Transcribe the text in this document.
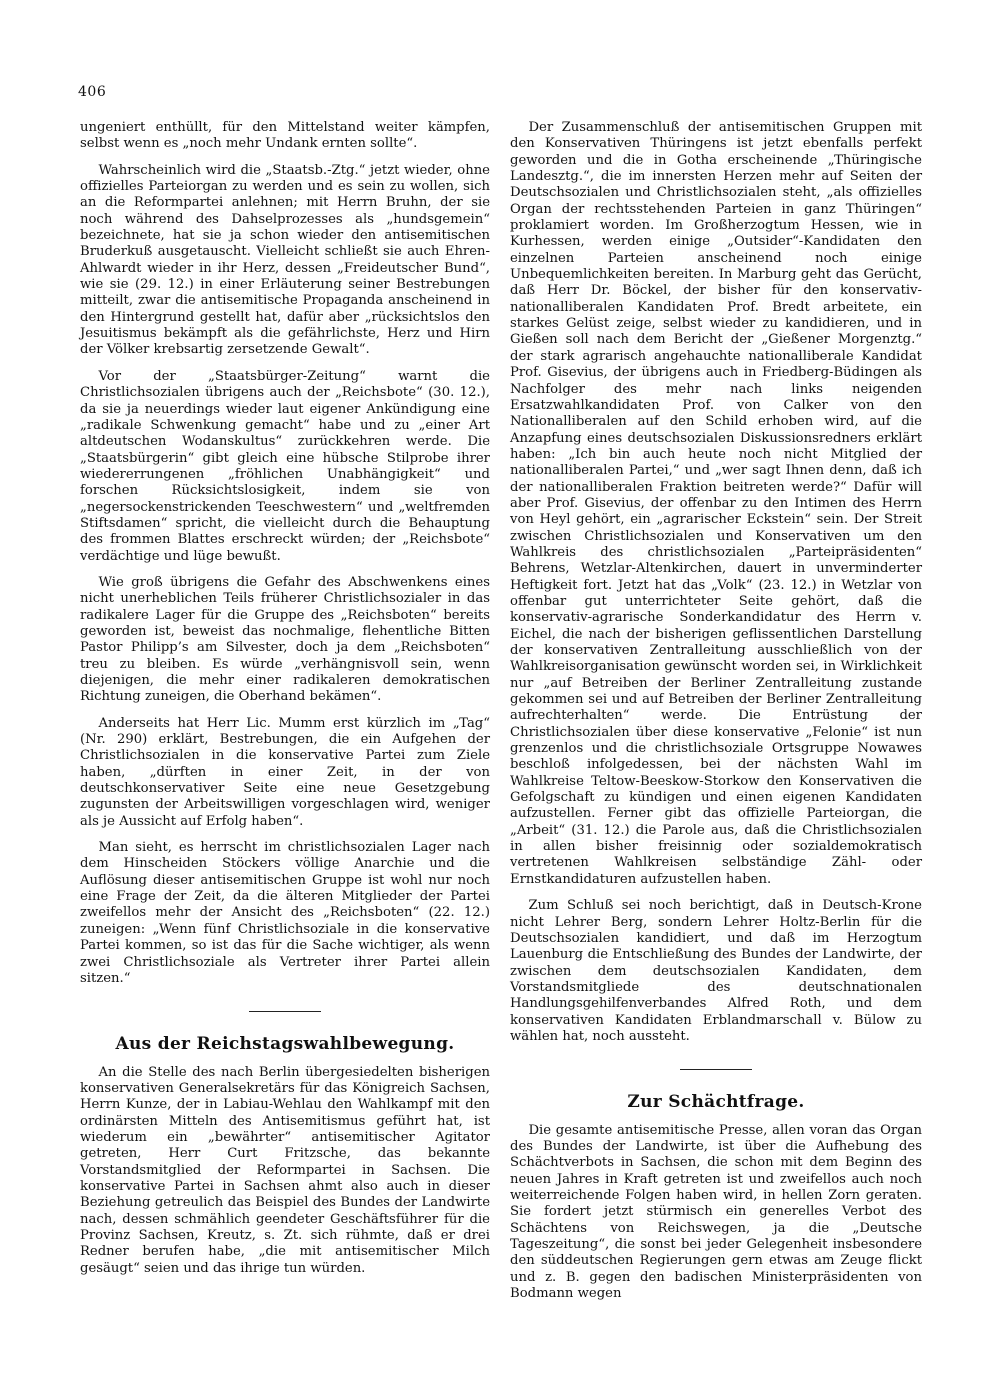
406

ungeniert enthüllt, für den Mittelstand weiter kämpfen, selbst wenn es „noch mehr Undank ernten sollte“.

Wahrscheinlich wird die „Staatsb.-Ztg.“ jetzt wieder, ohne offizielles Parteiorgan zu werden und es sein zu wollen, sich an die Reformpartei anlehnen; mit Herrn Bruhn, der sie noch während des Dahselprozesses als „hundsgemein“ bezeichnete, hat sie ja schon wieder den antisemitischen Bruderkuß ausgetauscht. Vielleicht schließt sie auch Ehren-Ahlwardt wieder in ihr Herz, dessen „Freideutscher Bund“, wie sie (29. 12.) in einer Erläuterung seiner Bestrebungen mitteilt, zwar die antisemitische Propaganda anscheinend in den Hintergrund gestellt hat, dafür aber „rücksichtslos den Jesuitismus bekämpft als die gefährlichste, Herz und Hirn der Völker krebsartig zersetzende Gewalt“.

Vor der „Staatsbürger-Zeitung“ warnt die Christlichsozialen übrigens auch der „Reichsbote“ (30. 12.), da sie ja neuerdings wieder laut eigener Ankündigung eine „radikale Schwenkung gemacht“ habe und zu „einer Art altdeutschen Wodanskultus“ zurückkehren werde. Die „Staatsbürgerin“ gibt gleich eine hübsche Stilprobe ihrer wiedererrungenen „fröhlichen Unabhängigkeit“ und forschen Rücksichtslosigkeit, indem sie von „negersockenstrickenden Teeschwestern“ und „weltfremden Stiftsdamen“ spricht, die vielleicht durch die Behauptung des frommen Blattes erschreckt würden; der „Reichsbote“ verdächtige und lüge bewußt.

Wie groß übrigens die Gefahr des Abschwenkens eines nicht unerheblichen Teils früherer Christlichsozialer in das radikalere Lager für die Gruppe des „Reichsboten“ bereits geworden ist, beweist das nochmalige, flehentliche Bitten Pastor Philipp’s am Silvester, doch ja dem „Reichsboten“ treu zu bleiben. Es würde „verhängnisvoll sein, wenn diejenigen, die mehr einer radikaleren demokratischen Richtung zuneigen, die Oberhand bekämen“.

Anderseits hat Herr Lic. Mumm erst kürzlich im „Tag“ (Nr. 290) erklärt, Bestrebungen, die ein Aufgehen der Christlichsozialen in die konservative Partei zum Ziele haben, „dürften in einer Zeit, in der von deutschkonservativer Seite eine neue Gesetzgebung zugunsten der Arbeitswilligen vorgeschlagen wird, weniger als je Aussicht auf Erfolg haben“.

Man sieht, es herrscht im christlichsozialen Lager nach dem Hinscheiden Stöckers völlige Anarchie und die Auflösung dieser antisemitischen Gruppe ist wohl nur noch eine Frage der Zeit, da die älteren Mitglieder der Partei zweifellos mehr der Ansicht des „Reichsboten“ (22. 12.) zuneigen: „Wenn fünf Christlichsoziale in die konservative Partei kommen, so ist das für die Sache wichtiger, als wenn zwei Christlichsoziale als Vertreter ihrer Partei allein sitzen.“

Aus der Reichstagswahlbewegung.

An die Stelle des nach Berlin übergesiedelten bisherigen konservativen Generalsekretärs für das Königreich Sachsen, Herrn Kunze, der in Labiau-Wehlau den Wahlkampf mit den ordinärsten Mitteln des Antisemitismus geführt hat, ist wiederum ein „bewährter“ antisemitischer Agitator getreten, Herr Curt Fritzsche, das bekannte Vorstandsmitglied der Reformpartei in Sachsen. Die konservative Partei in Sachsen ahmt also auch in dieser Beziehung getreulich das Beispiel des Bundes der Landwirte nach, dessen schmählich geendeter Geschäftsführer für die Provinz Sachsen, Kreutz, s. Zt. sich rühmte, daß er drei Redner berufen habe, „die mit antisemitischer Milch gesäugt“ seien und das ihrige tun würden.

Der Zusammenschluß der antisemitischen Gruppen mit den Konservativen Thüringens ist jetzt ebenfalls perfekt geworden und die in Gotha erscheinende „Thüringische Landesztg.“, die im innersten Herzen mehr auf Seiten der Deutschsozialen und Christlichsozialen steht, „als offizielles Organ der rechtsstehenden Parteien in ganz Thüringen“ proklamiert worden. Im Großherzogtum Hessen, wie in Kurhessen, werden einige „Outsider“-Kandidaten den einzelnen Parteien anscheinend noch einige Unbequemlichkeiten bereiten. In Marburg geht das Gerücht, daß Herr Dr. Böckel, der bisher für den konservativ-nationalliberalen Kandidaten Prof. Bredt arbeitete, ein starkes Gelüst zeige, selbst wieder zu kandidieren, und in Gießen soll nach dem Bericht der „Gießener Morgenztg.“ der stark agrarisch angehauchte nationalliberale Kandidat Prof. Gisevius, der übrigens auch in Friedberg-Büdingen als Nachfolger des mehr nach links neigenden Ersatzwahlkandidaten Prof. von Calker von den Nationalliberalen auf den Schild erhoben wird, auf die Anzapfung eines deutschsozialen Diskussionsredners erklärt haben: „Ich bin auch heute noch nicht Mitglied der nationalliberalen Partei,“ und „wer sagt Ihnen denn, daß ich der nationalliberalen Fraktion beitreten werde?“ Dafür will aber Prof. Gisevius, der offenbar zu den Intimen des Herrn von Heyl gehört, ein „agrarischer Eckstein“ sein. Der Streit zwischen Christlichsozialen und Konservativen um den Wahlkreis des christlichsozialen „Parteipräsidenten“ Behrens, Wetzlar-Altenkirchen, dauert in unverminderter Heftigkeit fort. Jetzt hat das „Volk“ (23. 12.) in Wetzlar von offenbar gut unterrichteter Seite gehört, daß die konservativ-agrarische Sonderkandidatur des Herrn v. Eichel, die nach der bisherigen geflissentlichen Darstellung der konservativen Zentralleitung ausschließlich von der Wahlkreisorganisation gewünscht worden sei, in Wirklichkeit nur „auf Betreiben der Berliner Zentralleitung zustande gekommen sei und auf Betreiben der Berliner Zentralleitung aufrechterhalten“ werde. Die Entrüstung der Christlichsozialen über diese konservative „Felonie“ ist nun grenzenlos und die christlichsoziale Ortsgruppe Nowawes beschloß infolgedessen, bei der nächsten Wahl im Wahlkreise Teltow-Beeskow-Storkow den Konservativen die Gefolgschaft zu kündigen und einen eigenen Kandidaten aufzustellen. Ferner gibt das offizielle Parteiorgan, die „Arbeit“ (31. 12.) die Parole aus, daß die Christlichsozialen in allen bisher freisinnig oder sozialdemokratisch vertretenen Wahlkreisen selbständige Zähl- oder Ernstkandidaturen aufzustellen haben.

Zum Schluß sei noch berichtigt, daß in Deutsch-Krone nicht Lehrer Berg, sondern Lehrer Holtz-Berlin für die Deutschsozialen kandidiert, und daß im Herzogtum Lauenburg die Entschließung des Bundes der Landwirte, der zwischen dem deutschsozialen Kandidaten, dem Vorstandsmitgliede des deutschnationalen Handlungsgehilfenverbandes Alfred Roth, und dem konservativen Kandidaten Erblandmarschall v. Bülow zu wählen hat, noch aussteht.

Zur Schächtfrage.

Die gesamte antisemitische Presse, allen voran das Organ des Bundes der Landwirte, ist über die Aufhebung des Schächtverbots in Sachsen, die schon mit dem Beginn des neuen Jahres in Kraft getreten ist und zweifellos auch noch weiterreichende Folgen haben wird, in hellen Zorn geraten. Sie fordert jetzt stürmisch ein generelles Verbot des Schächtens von Reichswegen, ja die „Deutsche Tageszeitung“, die sonst bei jeder Gelegenheit insbesondere den süddeutschen Regierungen gern etwas am Zeuge flickt und z. B. gegen den badischen Ministerpräsidenten von Bodmann wegen
